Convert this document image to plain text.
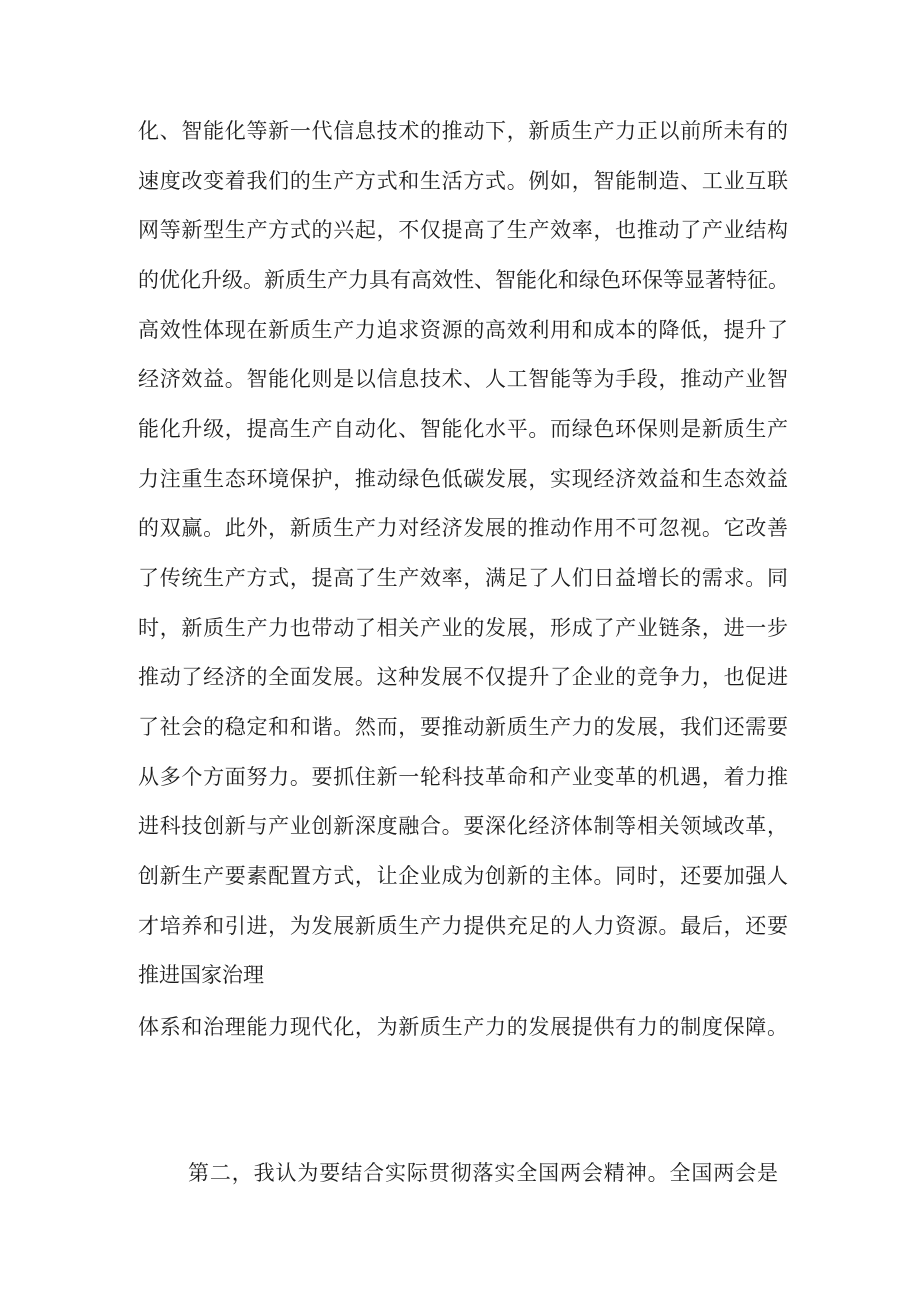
化、智能化等新一代信息技术的推动下，新质生产力正以前所未有的
速度改变着我们的生产方式和生活方式。例如，智能制造、工业互联
网等新型生产方式的兴起，不仅提高了生产效率，也推动了产业结构
的优化升级。新质生产力具有高效性、智能化和绿色环保等显著特征。
高效性体现在新质生产力追求资源的高效利用和成本的降低，提升了
经济效益。智能化则是以信息技术、人工智能等为手段，推动产业智
能化升级，提高生产自动化、智能化水平。而绿色环保则是新质生产
力注重生态环境保护，推动绿色低碳发展，实现经济效益和生态效益
的双赢。此外，新质生产力对经济发展的推动作用不可忽视。它改善
了传统生产方式，提高了生产效率，满足了人们日益增长的需求。同
时，新质生产力也带动了相关产业的发展，形成了产业链条，进一步
推动了经济的全面发展。这种发展不仅提升了企业的竞争力，也促进
了社会的稳定和和谐。然而，要推动新质生产力的发展，我们还需要
从多个方面努力。要抓住新一轮科技革命和产业变革的机遇，着力推
进科技创新与产业创新深度融合。要深化经济体制等相关领域改革，
创新生产要素配置方式，让企业成为创新的主体。同时，还要加强人
才培养和引进，为发展新质生产力提供充足的人力资源。最后，还要
推进国家治理
体系和治理能力现代化，为新质生产力的发展提供有力的制度保障。
第二，我认为要结合实际贯彻落实全国两会精神。全国两会是
